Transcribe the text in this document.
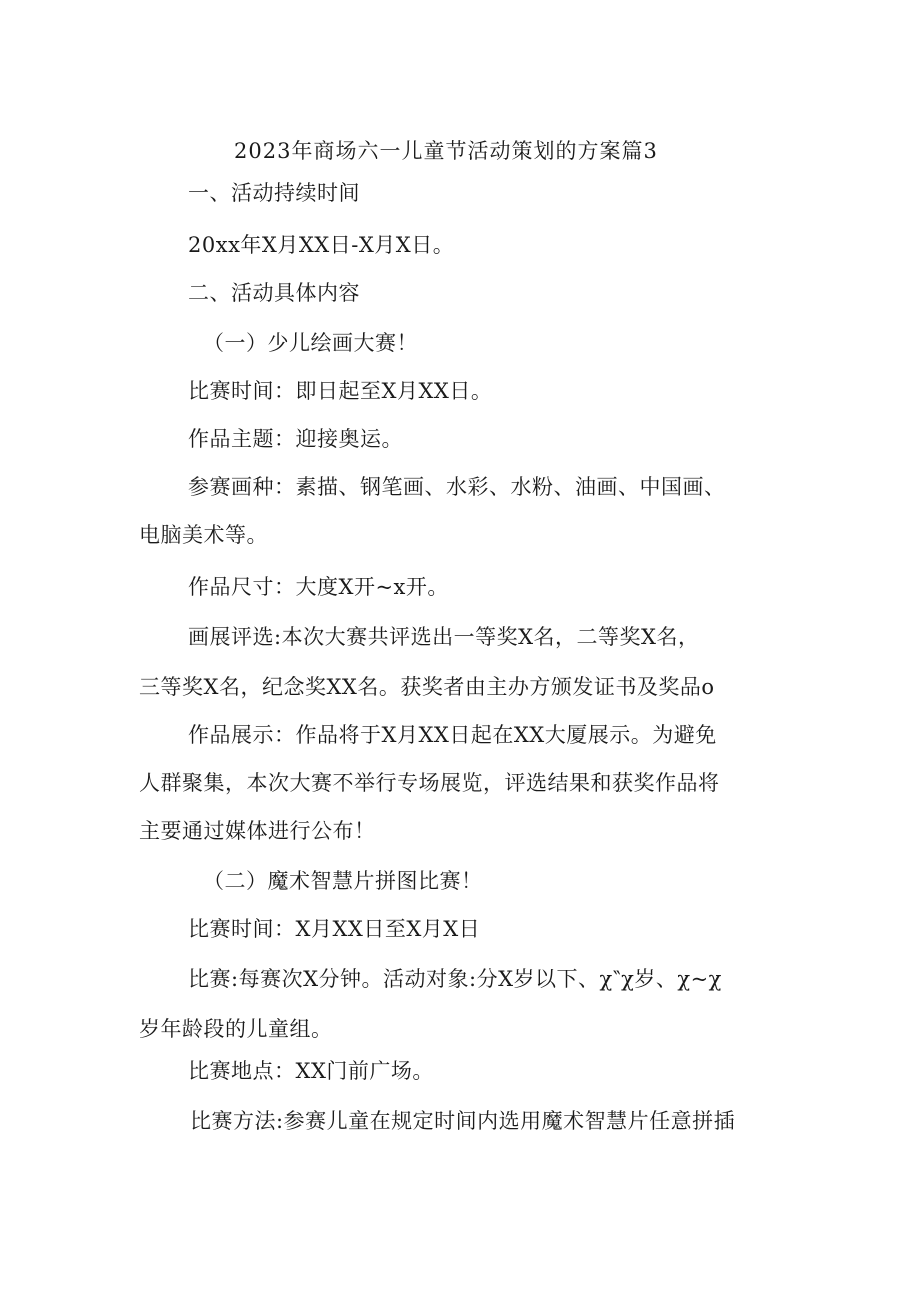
2023年商场六一儿童节活动策划的方案篇3
一、活动持续时间
20xx年X月XX日-X月X日。
二、活动具体内容
（一）少儿绘画大赛！
比赛时间：即日起至X月XX日。
作品主题：迎接奥运。
参赛画种：素描、钢笔画、水彩、水粉、油画、中国画、
电脑美术等。
作品尺寸：大度X开~x开。
画展评选:本次大赛共评选出一等奖X名，二等奖X名，
三等奖X名，纪念奖XX名。获奖者由主办方颁发证书及奖品o
作品展示：作品将于X月XX日起在XX大厦展示。为避免
人群聚集，本次大赛不举行专场展览，评选结果和获奖作品将
主要通过媒体进行公布！
（二）魔术智慧片拼图比赛！
比赛时间：X月XX日至X月X日
比赛:每赛次X分钟。活动对象:分X岁以下、χ‶χ岁、χ~χ
岁年龄段的儿童组。
比赛地点：XX门前广场。
比赛方法:参赛儿童在规定时间内选用魔术智慧片任意拼插
